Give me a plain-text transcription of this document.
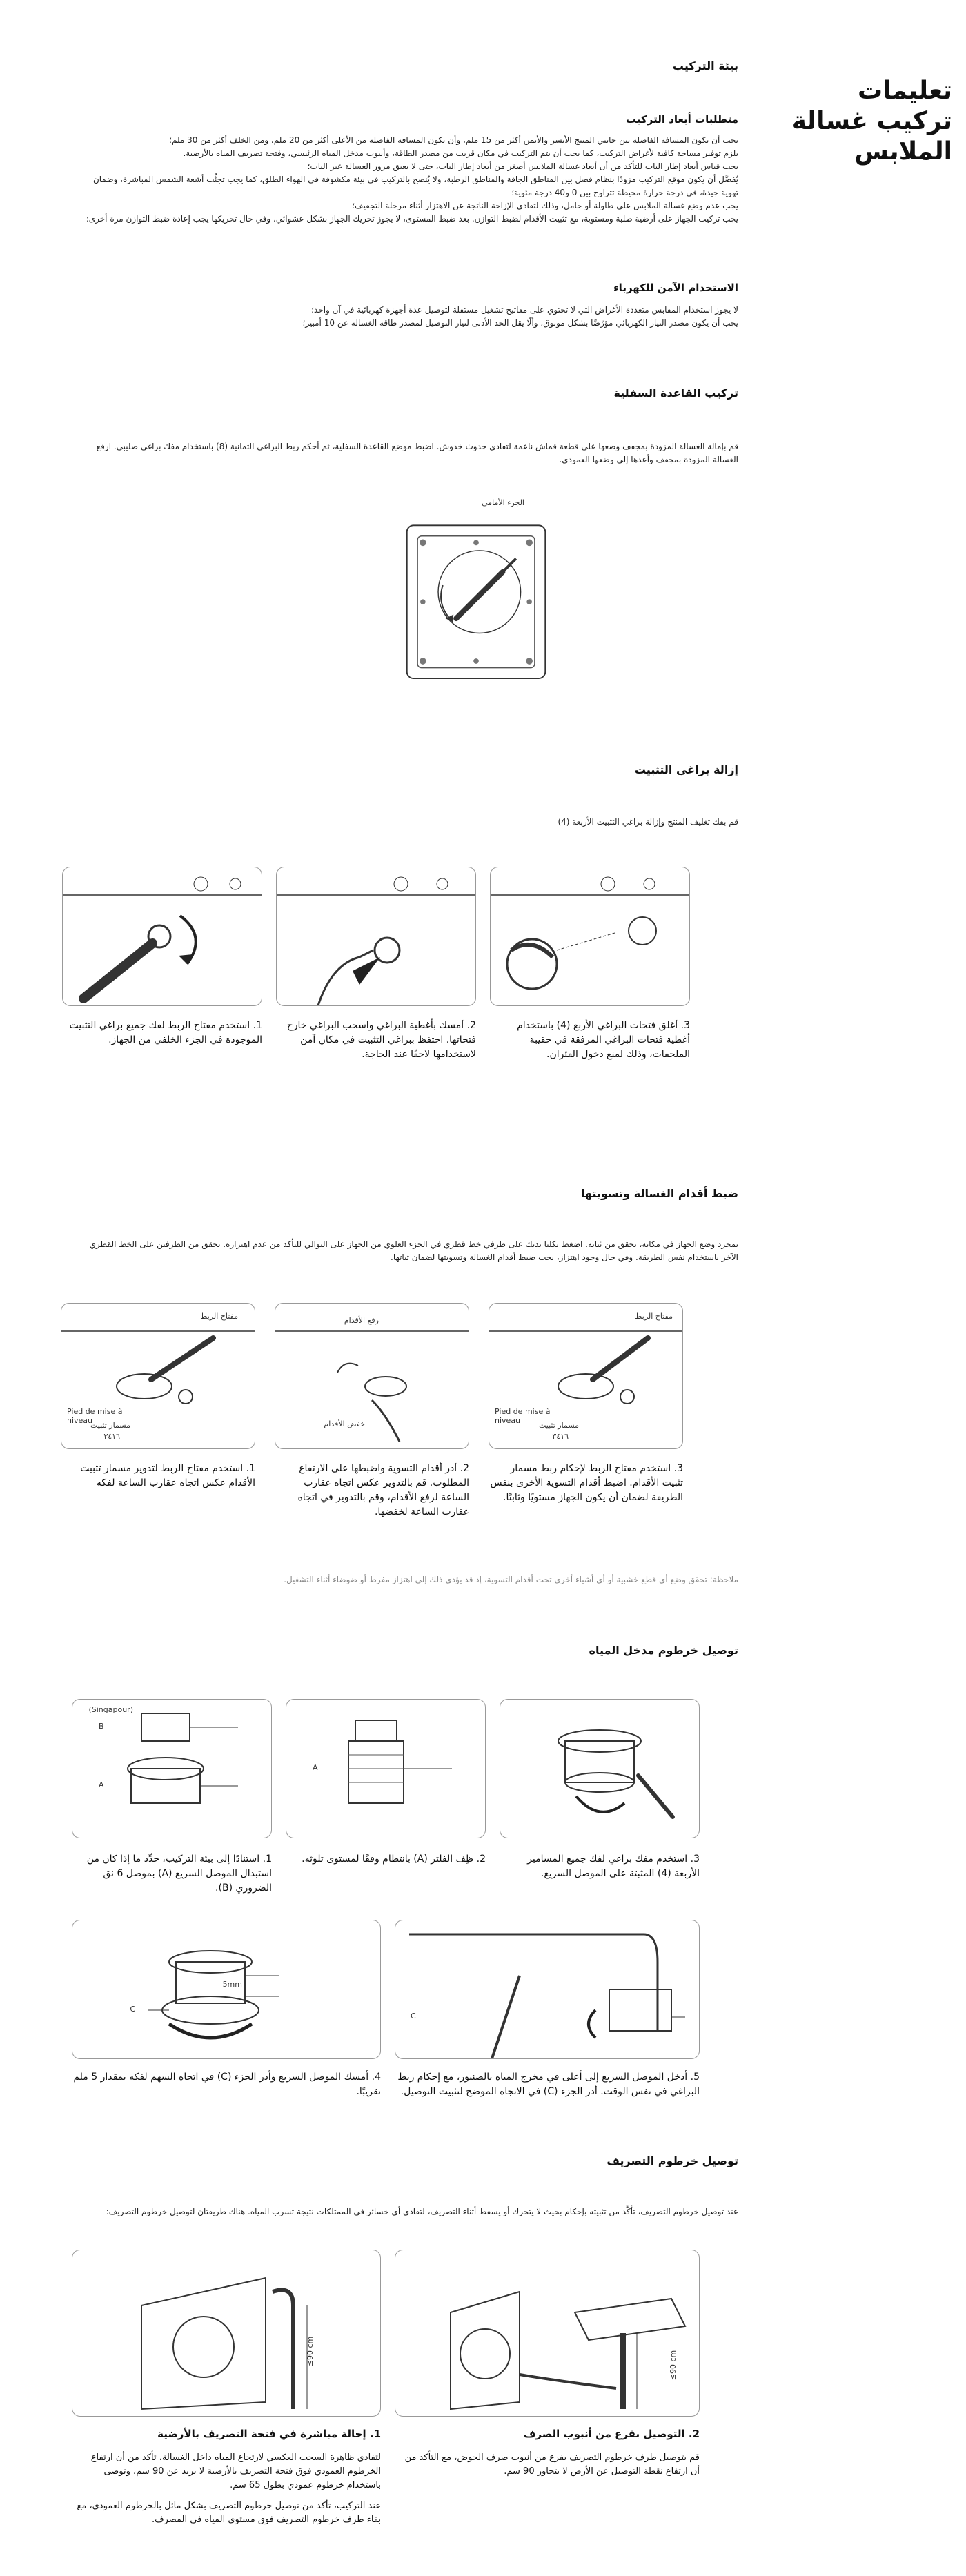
تعليمات تركيب غسالة الملابس
بيئة التركيب
متطلبات أبعاد التركيب
يجب أن تكون المسافة الفاصلة بين جانبي المنتج الأيسر والأيمن أكثر من 15 ملم، وأن تكون المسافة الفاصلة من الأعلى أكثر من 20 ملم، ومن الخلف أكثر من 30 ملم؛
يلزم توفير مساحة كافية لأغراض التركيب، كما يجب أن يتم التركيب في مكان قريب من مصدر الطاقة، وأنبوب مدخل المياه الرئيسي، وفتحة تصريف المياه بالأرضية.
يجب قياس أبعاد إطار الباب للتأكد من أن أبعاد غسالة الملابس أصغر من أبعاد إطار الباب، حتى لا يعيق مرور الغسالة عبر الباب؛
يُفضَّل أن يكون موقع التركيب مزودًا بنظام فصل بين المناطق الجافة والمناطق الرطبة، ولا يُنصح بالتركيب في بيئة مكشوفة في الهواء الطلق، كما يجب تجنُّب أشعة الشمس المباشرة، وضمان تهوية جيدة، في درجة حرارة محيطة تتراوح بين 0 و40 درجة مئوية؛
يجب عدم وضع غسالة الملابس على طاولة أو حامل، وذلك لتفادي الإزاحة الناتجة عن الاهتزاز أثناء مرحلة التجفيف؛
يجب تركيب الجهاز على أرضية صلبة ومستوية، مع تثبيت الأقدام لضبط التوازن. بعد ضبط المستوى، لا يجوز تحريك الجهاز بشكل عشوائي، وفي حال تحريكها يجب إعادة ضبط التوازن مرة أخرى؛
الاستخدام الآمن للكهرباء
لا يجوز استخدام المقابس متعددة الأغراض التي لا تحتوي على مفاتيح تشغيل مستقلة لتوصيل عدة أجهزة كهربائية في آن واحد؛
يجب أن يكون مصدر التيار الكهربائي مؤرّضًا بشكل موثوق، وألّا يقل الحد الأدنى لتيار التوصيل لمصدر طاقة الغسالة عن 10 أمبير؛
تركيب القاعدة السفلية
قم بإمالة الغسالة المزودة بمجفف وضعها على قطعة قماش ناعمة لتفادي حدوث خدوش. اضبط موضع القاعدة السفلية، ثم أحكم ربط البراغي الثمانية (8) باستخدام مفك براغي صليبي. ارفع الغسالة المزودة بمجفف وأعدها إلى وضعها العمودي.
الجزء الأمامي
إزالة براغي التثبيت
قم بفك تغليف المنتج وإزالة براغي التثبيت الأربعة (4)
3. أغلق فتحات البراغي الأربع (4) باستخدام أغطية فتحات البراغي المرفقة في حقيبة الملحقات، وذلك لمنع دخول الفئران.
2. أمسك بأغطية البراغي واسحب البراغي خارج فتحاتها. احتفظ ببراغي التثبيت في مكان آمن لاستخدامها لاحقًا عند الحاجة.
1. استخدم مفتاح الربط لفك جميع براغي التثبيت الموجودة في الجزء الخلفي من الجهاز.
ضبط أقدام الغسالة وتسويتها
بمجرد وضع الجهاز في مكانه، تحقق من ثباته. اضغط بكلتا يديك على طرفي خط قطري في الجزء العلوي من الجهاز على التوالي للتأكد من عدم اهتزازه. تحقق من الطرفين على الخط القطري الآخر باستخدام نفس الطريقة. وفي حال وجود اهتزاز، يجب ضبط أقدام الغسالة وتسويتها لضمان ثباتها.
مفتاح الربط
Pied de mise à niveau
مسمار تثبيت
٣٤١٦
رفع الأقدام
خفض الأقدام
مفتاح الربط
Pied de mise à niveau
مسمار تثبيت
٣٤١٦
3. استخدم مفتاح الربط لإحكام ربط مسمار تثبيت الأقدام. اضبط أقدام التسوية الأخرى بنفس الطريقة لضمان أن يكون الجهاز مستويًا وثابتًا.
2. أدر أقدام التسوية واضبطها على الارتفاع المطلوب. قم بالتدوير عكس اتجاه عقارب الساعة لرفع الأقدام، وقم بالتدوير في اتجاه عقارب الساعة لخفضها.
1. استخدم مفتاح الربط لتدوير مسمار تثبيت الأقدام عكس اتجاه عقارب الساعة لفكه
ملاحظة: تحقق وضع أي قطع خشبية أو أي أشياء أخرى تحت أقدام التسوية، إذ قد يؤدي ذلك إلى اهتزاز مفرط أو ضوضاء أثناء التشغيل.
توصيل خرطوم مدخل المياه
A
(Singapour)
B
A
3. استخدم مفك براغي لفك جميع المسامير الأربعة (4) المثبتة على الموصل السريع.
2. ظِف الفلتر (A) بانتظام وفقًا لمستوى تلوثه.
1. استنادًا إلى بيئة التركيب، حدِّد ما إذا كان من استبدال الموصل السريع (A) بموصل 6 نق الضروري (B).
C
5mm
C
5. أدخل الموصل السريع إلى أعلى في مخرج المياه بالصنبور، مع إحكام ربط البراغي في نفس الوقت. أدر الجزء (C) في الاتجاه الموضح لتثبيت التوصيل.
4. أمسك الموصل السريع وأدر الجزء (C) في اتجاه السهم لفكه بمقدار 5 ملم تقريبًا.
توصيل خرطوم التصريف
عند توصيل خرطوم التصريف، تأكَّد من تثبيته بإحكام بحيث لا يتحرك أو يسقط أثناء التصريف، لتفادي أي خسائر في الممتلكات نتيجة تسرب المياه. هناك طريقتان لتوصيل خرطوم التصريف:
≤90 cm
≤90 cm
2. التوصيل بفرع من أنبوب الصرف
1. إحالة مباشرة في فتحة التصريف بالأرضية
قم بتوصيل طرف خرطوم التصريف بفرع من أنبوب صرف الحوض، مع التأكد من أن ارتفاع نقطة التوصيل عن الأرض لا يتجاوز 90 سم.
لتفادي ظاهرة السحب العكسي لارتجاع المياه داخل الغسالة، تأكد من أن ارتفاع الخرطوم العمودي فوق فتحة التصريف بالأرضية لا يزيد عن 90 سم، وتوصى باستخدام خرطوم عمودي بطول 65 سم.
عند التركيب، تأكد من توصيل خرطوم التصريف بشكل مائل بالخرطوم العمودي، مع بقاء طرف خرطوم التصريف فوق مستوى المياه في المصرف.
